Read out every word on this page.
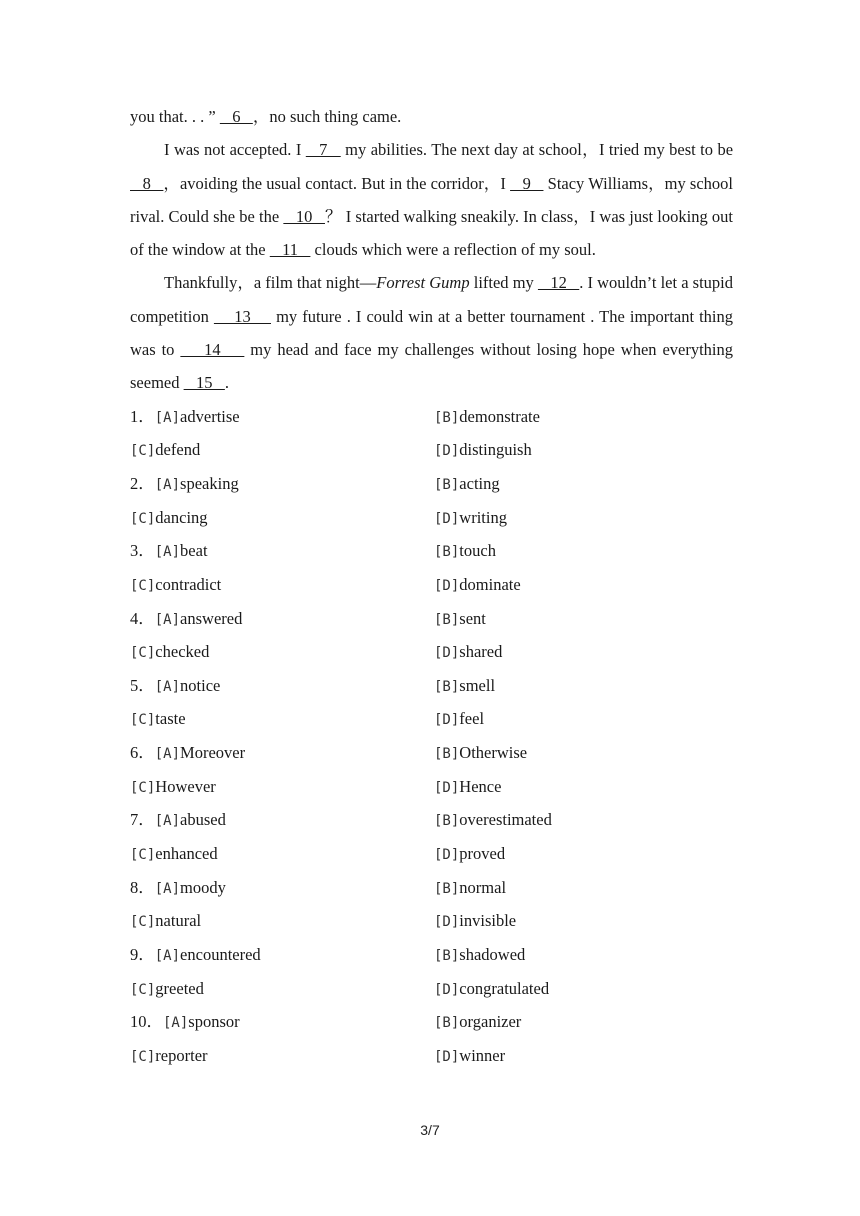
you that. . . ”    6   ，no such thing came.

I was not accepted. I    7    my abilities. The next day at school，I tried my best to be    8   ，avoiding the usual contact. But in the corridor，I    9    Stacy Williams，my school rival. Could she be the    10   ？ I started walking sneakily. In class，I was just looking out of the window at the    11    clouds which were a reflection of my soul.

Thankfully，a film that night—Forrest Gump lifted my    12   . I wouldn’t let a stupid competition     13     my future . I could win at a better tournament . The important thing was to     14     my head and face my challenges without losing hope when everything seemed    15   .

1．[A]advertise	[B]demonstrate
[C]defend	[D]distinguish
2．[A]speaking	[B]acting
[C]dancing	[D]writing
3．[A]beat	[B]touch
[C]contradict	[D]dominate
4．[A]answered	[B]sent
[C]checked	[D]shared
5．[A]notice	[B]smell
[C]taste	[D]feel
6．[A]Moreover	[B]Otherwise
[C]However	[D]Hence
7．[A]abused	[B]overestimated
[C]enhanced	[D]proved
8．[A]moody	[B]normal
[C]natural	[D]invisible
9．[A]encountered	[B]shadowed
[C]greeted	[D]congratulated
10．[A]sponsor	[B]organizer
[C]reporter	[D]winner
3/7
